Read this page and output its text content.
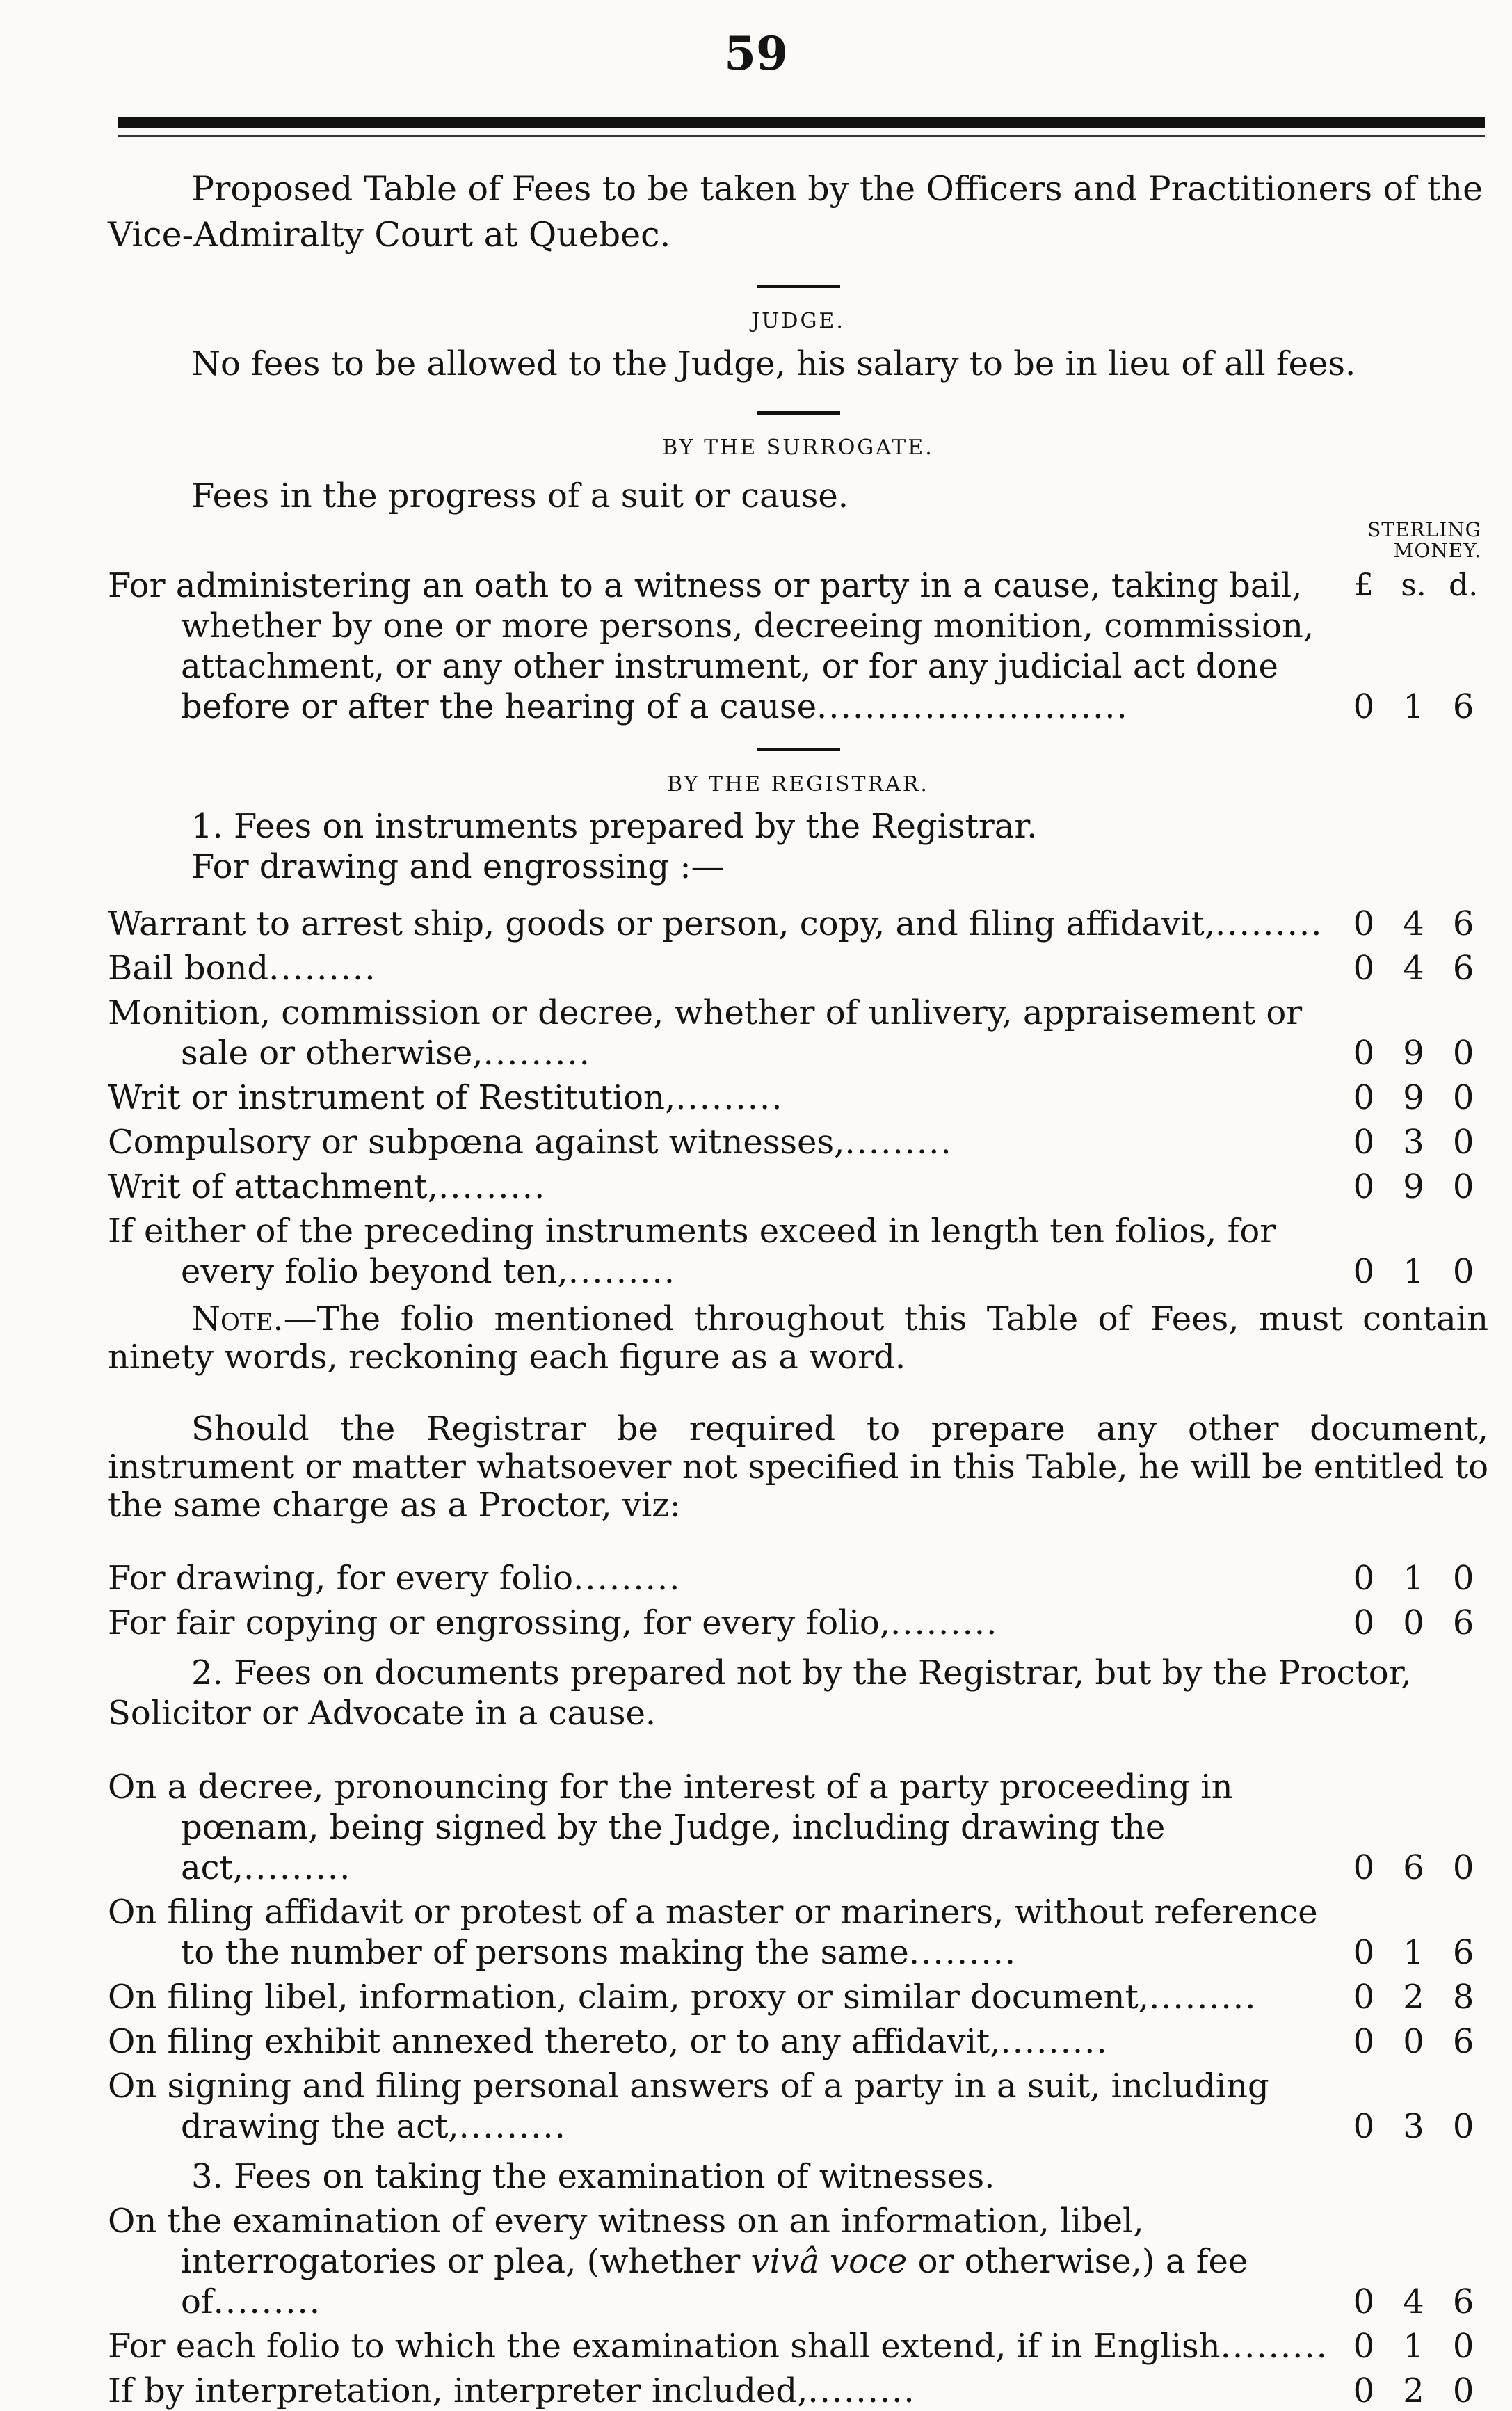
59

Proposed Table of Fees to be taken by the Officers and Practitioners of the Vice-Admiralty Court at Quebec.

JUDGE.

No fees to be allowed to the Judge, his salary to be in lieu of all fees.

BY THE SURROGATE.

Fees in the progress of a suit or cause.

STERLING
MONEY.
For administering an oath to a witness or party in a cause, taking bail, whether by one or more persons, decreeing monition, commission, attachment, or any other instrument, or for any judicial act done before or after the hearing of a cause..........................
£ s. d.
0 1 6
BY THE REGISTRAR.

1. Fees on instruments prepared by the Registrar.

For drawing and engrossing :—

Warrant to arrest ship, goods or person, copy, and filing affidavit,......... 0 4 6
Bail bond.........	0 4 6
Monition, commission or decree, whether of unlivery, appraisement or sale or otherwise,.........	0 9 0
Writ or instrument of Restitution,.........	0 9 0
Compulsory or subpœna against witnesses,.........	0 3 0
Writ of attachment,.........	0 9 0
If either of the preceding instruments exceed in length ten folios, for every folio beyond ten,.........	0 1 0

Note.—The folio mentioned throughout this Table of Fees, must contain ninety words, reckoning each figure as a word.

Should the Registrar be required to prepare any other document, instrument or matter whatsoever not specified in this Table, he will be entitled to the same charge as a Proctor, viz:

For drawing, for every folio.........	0 1 0
For fair copying or engrossing, for every folio,.........	0 0 6

2. Fees on documents prepared not by the Registrar, but by the Proctor, Solicitor or Advocate in a cause.

On a decree, pronouncing for the interest of a party proceeding in pœnam, being signed by the Judge, including drawing the act,.........	0 6 0
On filing affidavit or protest of a master or mariners, without reference to the number of persons making the same.........	0 1 6
On filing libel, information, claim, proxy or similar document,.........	0 2 8
On filing exhibit annexed thereto, or to any affidavit,.........	0 0 6
On signing and filing personal answers of a party in a suit, including drawing the act,.........	0 3 0

3. Fees on taking the examination of witnesses.

On the examination of every witness on an information, libel, interrogatories or plea, (whether vivâ voce or otherwise,) a fee of.........	0 4 6
For each folio to which the examination shall extend, if in English......... 0 1 0
If by interpretation, interpreter included,.........	0 2 0
